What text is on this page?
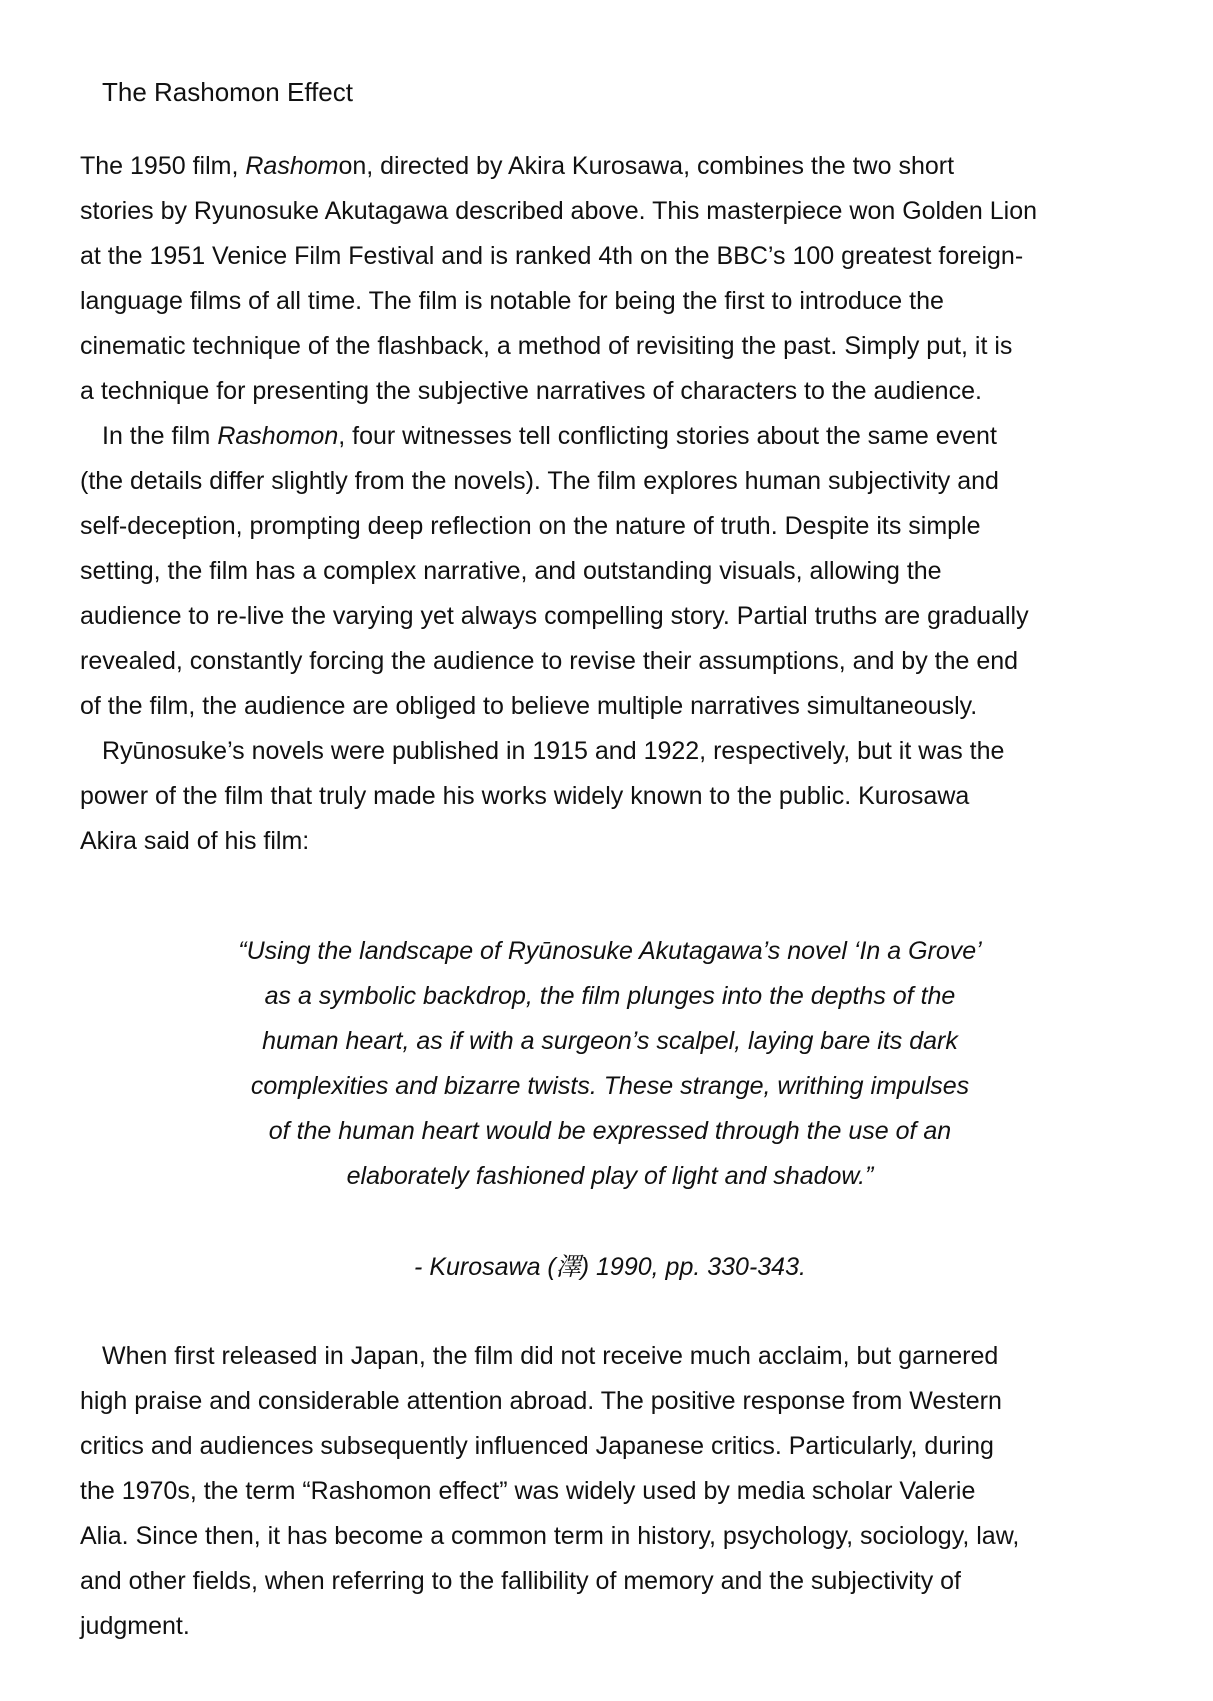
The Rashomon Effect
The 1950 film, Rashomon, directed by Akira Kurosawa, combines the two short
stories by Ryunosuke Akutagawa described above. This masterpiece won Golden Lion
at the 1951 Venice Film Festival and is ranked 4th on the BBC’s 100 greatest foreign-
language films of all time. The film is notable for being the first to introduce the
cinematic technique of the flashback, a method of revisiting the past. Simply put, it is
a technique for presenting the subjective narratives of characters to the audience.
In the film Rashomon, four witnesses tell conflicting stories about the same event
(the details differ slightly from the novels). The film explores human subjectivity and
self-deception, prompting deep reflection on the nature of truth. Despite its simple
setting, the film has a complex narrative, and outstanding visuals, allowing the
audience to re-live the varying yet always compelling story. Partial truths are gradually
revealed, constantly forcing the audience to revise their assumptions, and by the end
of the film, the audience are obliged to believe multiple narratives simultaneously.
Ryūnosuke’s novels were published in 1915 and 1922, respectively, but it was the
power of the film that truly made his works widely known to the public. Kurosawa
Akira said of his film:
“Using the landscape of Ryūnosuke Akutagawa’s novel ‘In a Grove’
as a symbolic backdrop, the film plunges into the depths of the
human heart, as if with a surgeon’s scalpel, laying bare its dark
complexities and bizarre twists. These strange, writhing impulses
of the human heart would be expressed through the use of an
elaborately fashioned play of light and shadow.”
- Kurosawa (澤) 1990, pp. 330-343.
When first released in Japan, the film did not receive much acclaim, but garnered
high praise and considerable attention abroad. The positive response from Western
critics and audiences subsequently influenced Japanese critics. Particularly, during
the 1970s, the term “Rashomon effect” was widely used by media scholar Valerie
Alia. Since then, it has become a common term in history, psychology, sociology, law,
and other fields, when referring to the fallibility of memory and the subjectivity of
judgment.
